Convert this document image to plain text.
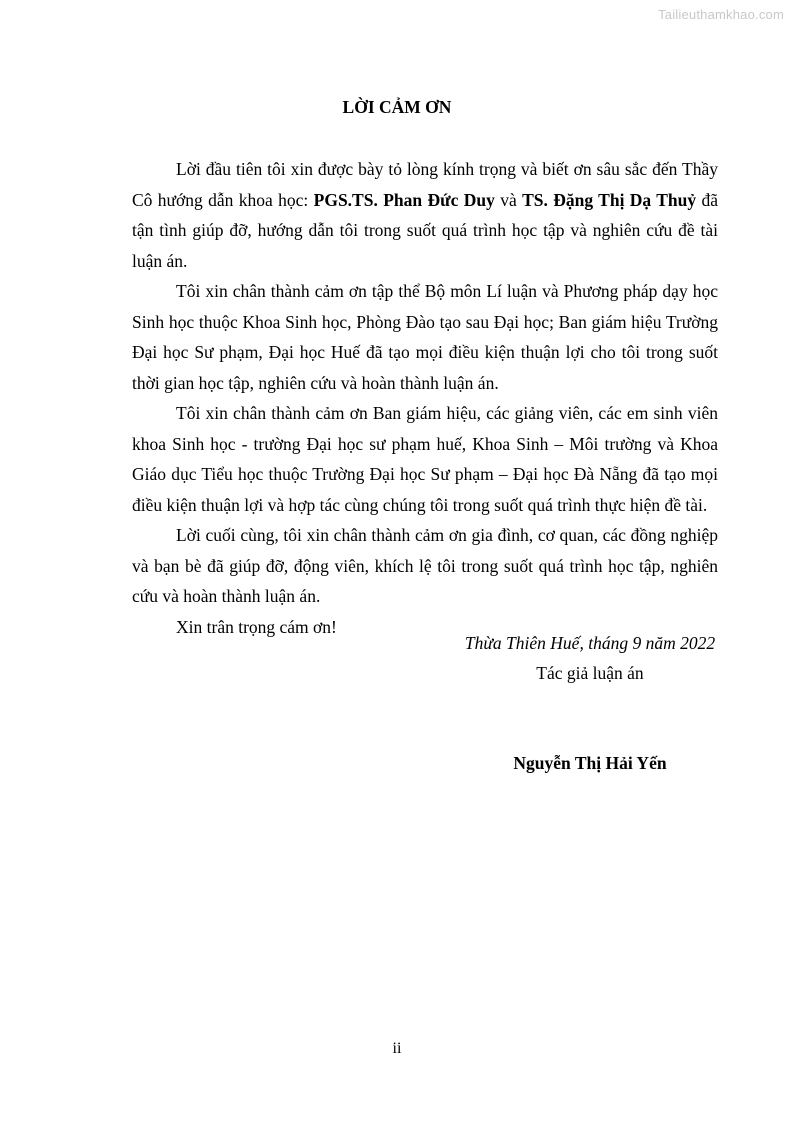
Tailieuthamkhao.com
LỜI CẢM ƠN

Lời đầu tiên tôi xin được bày tỏ lòng kính trọng và biết ơn sâu sắc đến Thầy Cô hướng dẫn khoa học: PGS.TS. Phan Đức Duy và TS. Đặng Thị Dạ Thuỷ đã tận tình giúp đỡ, hướng dẫn tôi trong suốt quá trình học tập và nghiên cứu đề tài luận án.

Tôi xin chân thành cảm ơn tập thể Bộ môn Lí luận và Phương pháp dạy học Sinh học thuộc Khoa Sinh học, Phòng Đào tạo sau Đại học; Ban giám hiệu Trường Đại học Sư phạm, Đại học Huế đã tạo mọi điều kiện thuận lợi cho tôi trong suốt thời gian học tập, nghiên cứu và hoàn thành luận án.

Tôi xin chân thành cảm ơn Ban giám hiệu, các giảng viên, các em sinh viên khoa Sinh học - trường Đại học sư phạm huế, Khoa Sinh – Môi trường và Khoa Giáo dục Tiểu học thuộc Trường Đại học Sư phạm – Đại học Đà Nẵng đã tạo mọi điều kiện thuận lợi và hợp tác cùng chúng tôi trong suốt quá trình thực hiện đề tài.

Lời cuối cùng, tôi xin chân thành cảm ơn gia đình, cơ quan, các đồng nghiệp và bạn bè đã giúp đỡ, động viên, khích lệ tôi trong suốt quá trình học tập, nghiên cứu và hoàn thành luận án.

Xin trân trọng cám ơn!

Thừa Thiên Huế, tháng 9 năm 2022
Tác giả luận án
Nguyễn Thị Hải Yến
ii
